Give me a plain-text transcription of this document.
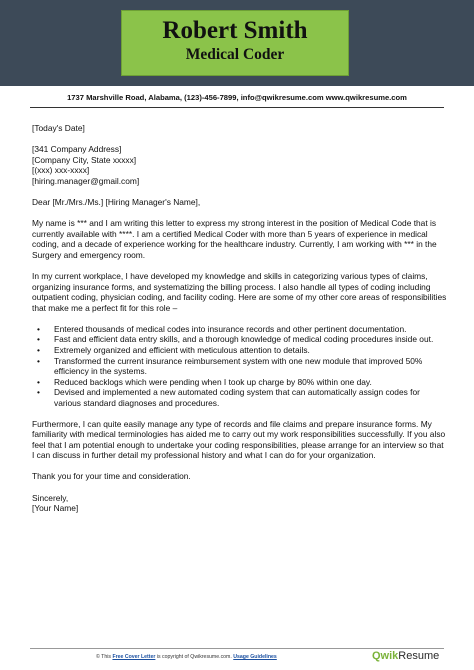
Robert Smith
Medical Coder
1737 Marshville Road, Alabama, (123)-456-7899, info@qwikresume.com www.qwikresume.com

[Today's Date]

[341 Company Address]
[Company City, State xxxxx]
[(xxx) xxx-xxxx]
[hiring.manager@gmail.com]

Dear [Mr./Mrs./Ms.] [Hiring Manager's Name],

My name is *** and I am writing this letter to express my strong interest in the position of Medical Code that is currently available with ****. I am a certified Medical Coder with more than 5 years of experience in medical coding, and a decade of experience working for the healthcare industry. Currently, I am working with *** in the Surgery and emergency room.

In my current workplace, I have developed my knowledge and skills in categorizing various types of claims, organizing insurance forms, and systematizing the billing process. I also handle all types of coding including outpatient coding, physician coding, and facility coding. Here are some of my other core areas of responsibilities that make me a perfect fit for this role –

• Entered thousands of medical codes into insurance records and other pertinent documentation.
• Fast and efficient data entry skills, and a thorough knowledge of medical coding procedures inside out.
• Extremely organized and efficient with meticulous attention to details.
• Transformed the current insurance reimbursement system with one new module that improved 50% efficiency in the systems.
• Reduced backlogs which were pending when I took up charge by 80% within one day.
• Devised and implemented a new automated coding system that can automatically assign codes for various standard diagnoses and procedures.

Furthermore, I can quite easily manage any type of records and file claims and prepare insurance forms. My familiarity with medical terminologies has aided me to carry out my work responsibilities successfully. If you also feel that I am potential enough to undertake your coding responsibilities, please arrange for an interview so that I can discuss in further detail my professional history and what I can do for your organization.

Thank you for your time and consideration.

Sincerely,
[Your Name]

© This Free Cover Letter is copyright of Qwikresume.com. Usage Guidelines	QwikResume
